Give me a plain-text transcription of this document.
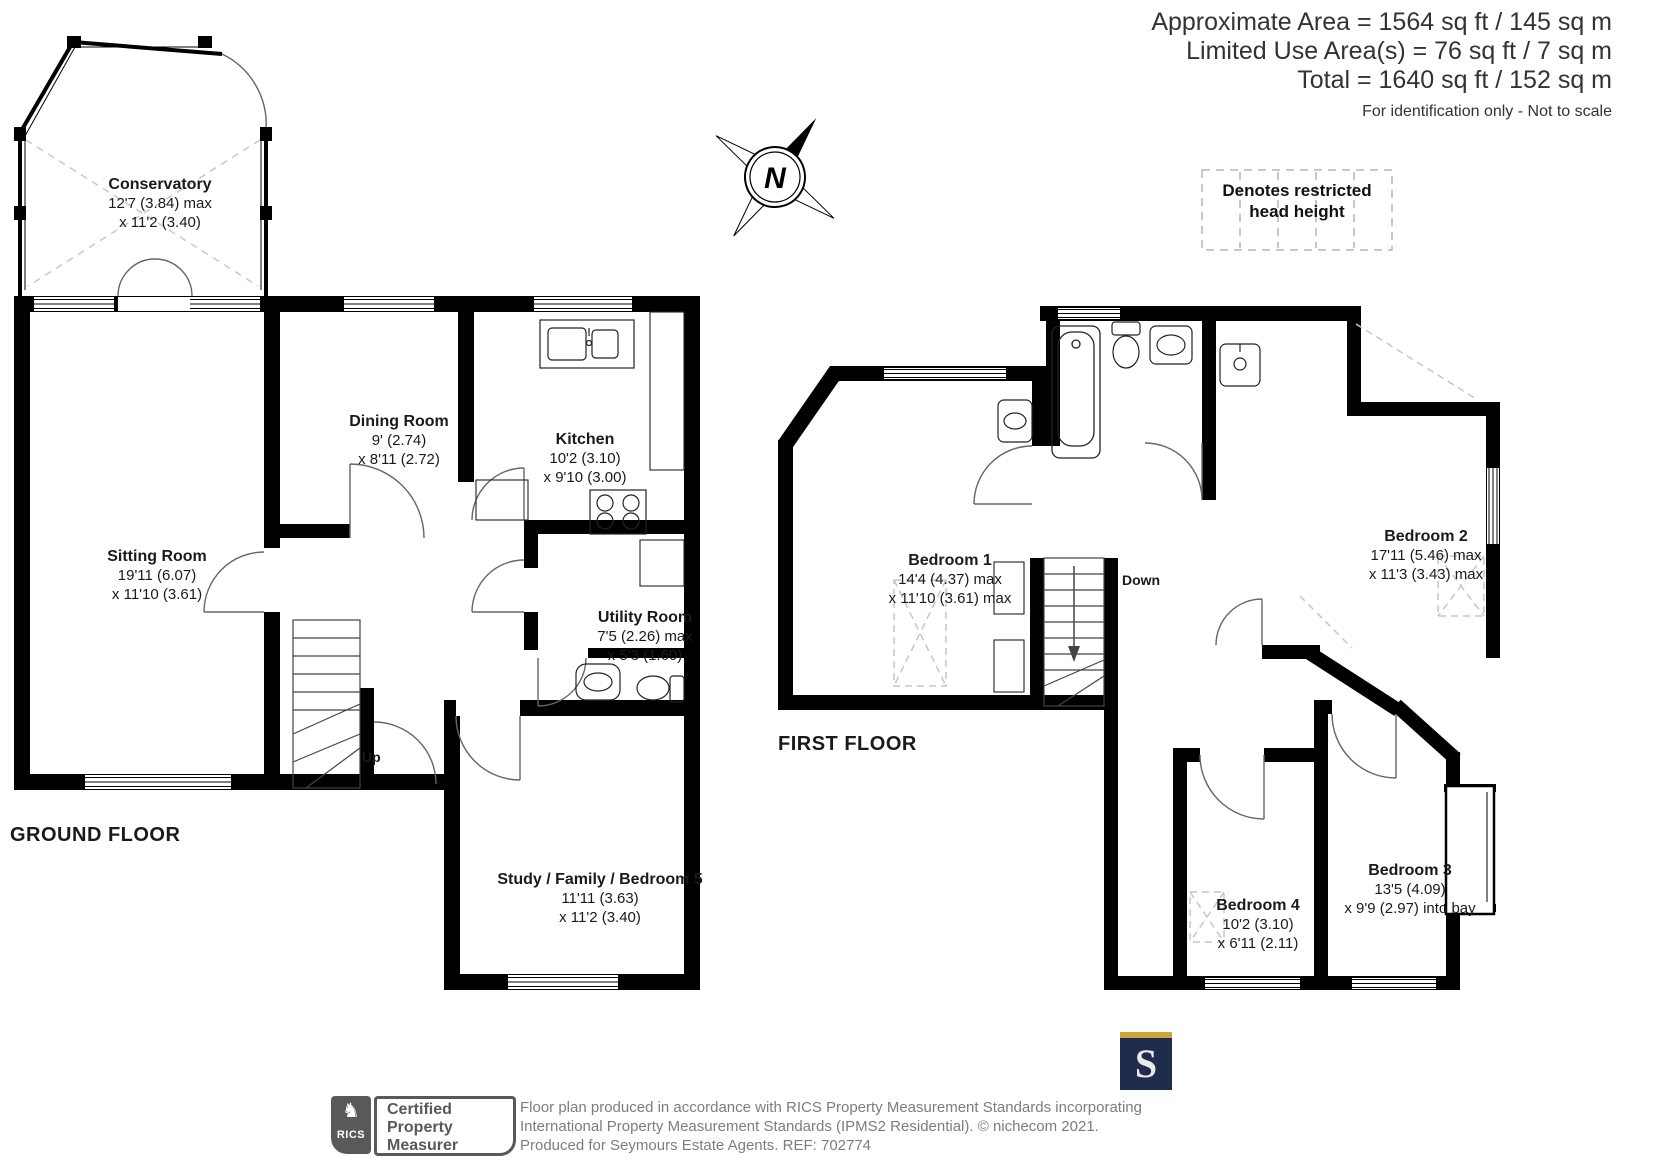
N
Approximate Area = 1564 sq ft / 145 sq m
Limited Use Area(s) = 76 sq ft / 7 sq m
Total = 1640 sq ft / 152 sq m
For identification only - Not to scale
Denotes restricted
head height
Conservatory
12'7 (3.84) max
x 11'2 (3.40)
Sitting Room
19'11 (6.07)
x 11'10 (3.61)
Dining Room
9' (2.74)
x 8'11 (2.72)
Kitchen
10'2 (3.10)
x 9'10 (3.00)
Utility Room
7'5 (2.26) max
x 5'3 (1.60)
Study / Family / Bedroom 5
11'11 (3.63)
x 11'2 (3.40)
Bedroom 1
14'4 (4.37) max
x 11'10 (3.61) max
Bedroom 2
17'11 (5.46) max
x 11'3 (3.43) max
Bedroom 3
13'5 (4.09)
x 9'9 (2.97) into bay
Bedroom 4
10'2 (3.10)
x 6'11 (2.11)
Up
Down
GROUND FLOOR
FIRST FLOOR
♞
RICS
Certified
Property
Measurer
Floor plan produced in accordance with RICS Property Measurement Standards incorporating
International Property Measurement Standards (IPMS2 Residential). © nichecom 2021.
Produced for Seymours Estate Agents. REF: 702774
S
